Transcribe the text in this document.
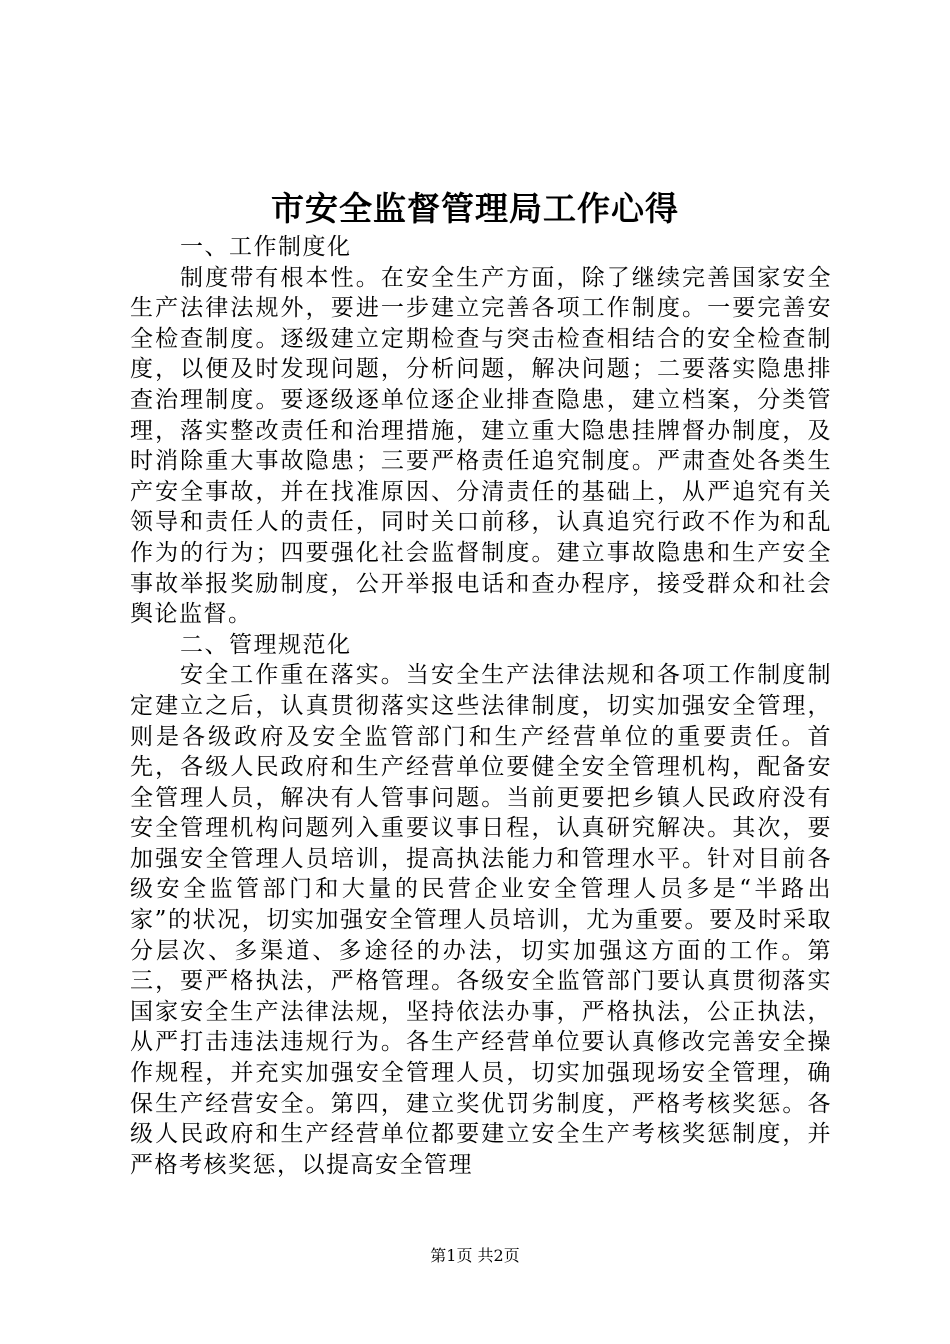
市安全监督管理局工作心得

一、工作制度化

制度带有根本性。在安全生产方面，除了继续完善国家安全生产法律法规外，要进一步建立完善各项工作制度。一要完善安全检查制度。逐级建立定期检查与突击检查相结合的安全检查制度，以便及时发现问题，分析问题，解决问题；二要落实隐患排查治理制度。要逐级逐单位逐企业排查隐患，建立档案，分类管理，落实整改责任和治理措施，建立重大隐患挂牌督办制度，及时消除重大事故隐患；三要严格责任追究制度。严肃查处各类生产安全事故，并在找准原因、分清责任的基础上，从严追究有关领导和责任人的责任，同时关口前移，认真追究行政不作为和乱作为的行为；四要强化社会监督制度。建立事故隐患和生产安全事故举报奖励制度，公开举报电话和查办程序，接受群众和社会舆论监督。

二、管理规范化

安全工作重在落实。当安全生产法律法规和各项工作制度制定建立之后，认真贯彻落实这些法律制度，切实加强安全管理，则是各级政府及安全监管部门和生产经营单位的重要责任。首先，各级人民政府和生产经营单位要健全安全管理机构，配备安全管理人员，解决有人管事问题。当前更要把乡镇人民政府没有安全管理机构问题列入重要议事日程，认真研究解决。其次，要加强安全管理人员培训，提高执法能力和管理水平。针对目前各级安全监管部门和大量的民营企业安全管理人员多是“半路出家”的状况，切实加强安全管理人员培训，尤为重要。要及时采取分层次、多渠道、多途径的办法，切实加强这方面的工作。第三，要严格执法，严格管理。各级安全监管部门要认真贯彻落实国家安全生产法律法规，坚持依法办事，严格执法，公正执法，从严打击违法违规行为。各生产经营单位要认真修改完善安全操作规程，并充实加强安全管理人员，切实加强现场安全管理，确保生产经营安全。第四，建立奖优罚劣制度，严格考核奖惩。各级人民政府和生产经营单位都要建立安全生产考核奖惩制度，并严格考核奖惩，以提高安全管理

第1页 共2页
